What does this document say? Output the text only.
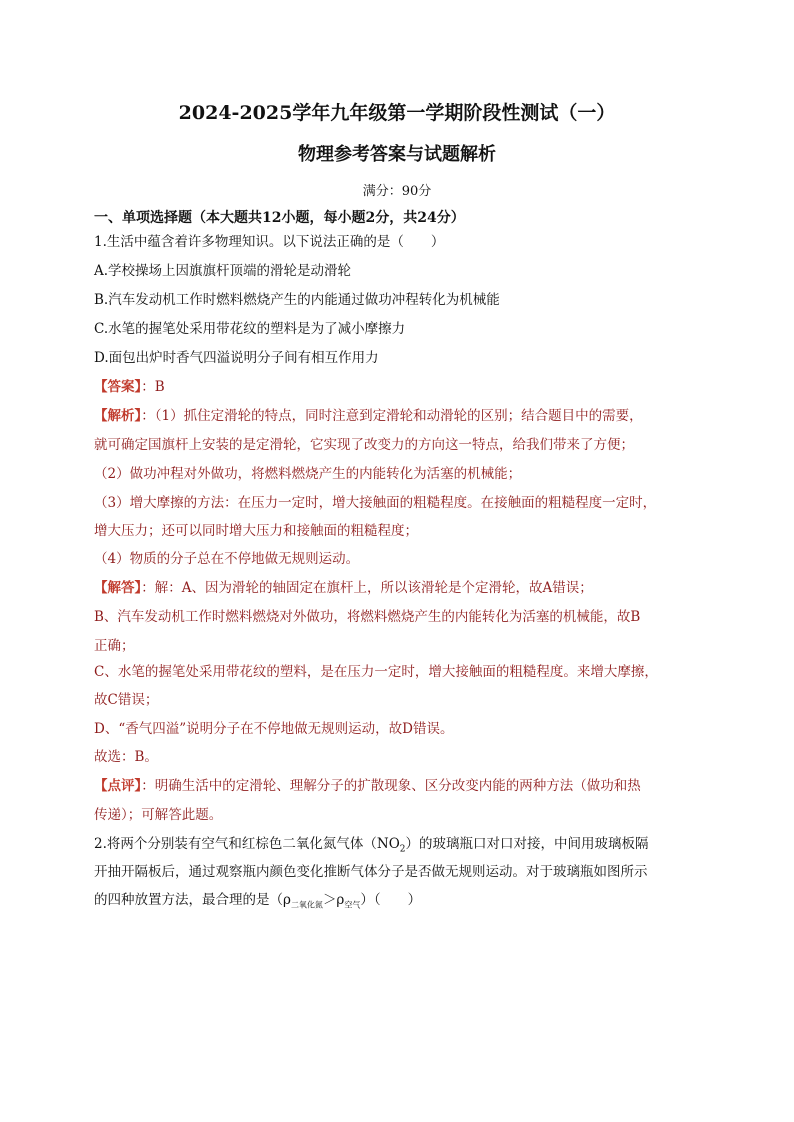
2024-2025学年九年级第一学期阶段性测试（一）
物理参考答案与试题解析
满分：90分
一、单项选择题（本大题共12小题，每小题2分，共24分）
1.生活中蕴含着许多物理知识。以下说法正确的是（　　）
A.学校操场上因旗旗杆顶端的滑轮是动滑轮
B.汽车发动机工作时燃料燃烧产生的内能通过做功冲程转化为机械能
C.水笔的握笔处采用带花纹的塑料是为了减小摩擦力
D.面包出炉时香气四溢说明分子间有相互作用力
【答案】：B
【解析】：（1）抓住定滑轮的特点，同时注意到定滑轮和动滑轮的区别；结合题目中的需要，
就可确定国旗杆上安装的是定滑轮，它实现了改变力的方向这一特点，给我们带来了方便；
（2）做功冲程对外做功，将燃料燃烧产生的内能转化为活塞的机械能；
（3）增大摩擦的方法：在压力一定时，增大接触面的粗糙程度。在接触面的粗糙程度一定时，
增大压力；还可以同时增大压力和接触面的粗糙程度；
（4）物质的分子总在不停地做无规则运动。
【解答】：解：A、因为滑轮的轴固定在旗杆上，所以该滑轮是个定滑轮，故A错误；
B、汽车发动机工作时燃料燃烧对外做功，将燃料燃烧产生的内能转化为活塞的机械能，故B
正确；
C、水笔的握笔处采用带花纹的塑料，是在压力一定时，增大接触面的粗糙程度。来增大摩擦，
故C错误；
D、“香气四溢”说明分子在不停地做无规则运动，故D错误。
故选：B。
【点评】：明确生活中的定滑轮、理解分子的扩散现象、区分改变内能的两种方法（做功和热
传递）；可解答此题。
2.将两个分别装有空气和红棕色二氧化氮气体$(NO_2)$的玻璃瓶口对口对接，中间用玻璃板隔
开抽开隔板后，通过观察瓶内颜色变化推断气体分子是否做无规则运动。对于玻璃瓶如图所示
的四种放置方法，最合理的是$(\rho_{二氧化氮}>\rho_{空气})$（　　）
